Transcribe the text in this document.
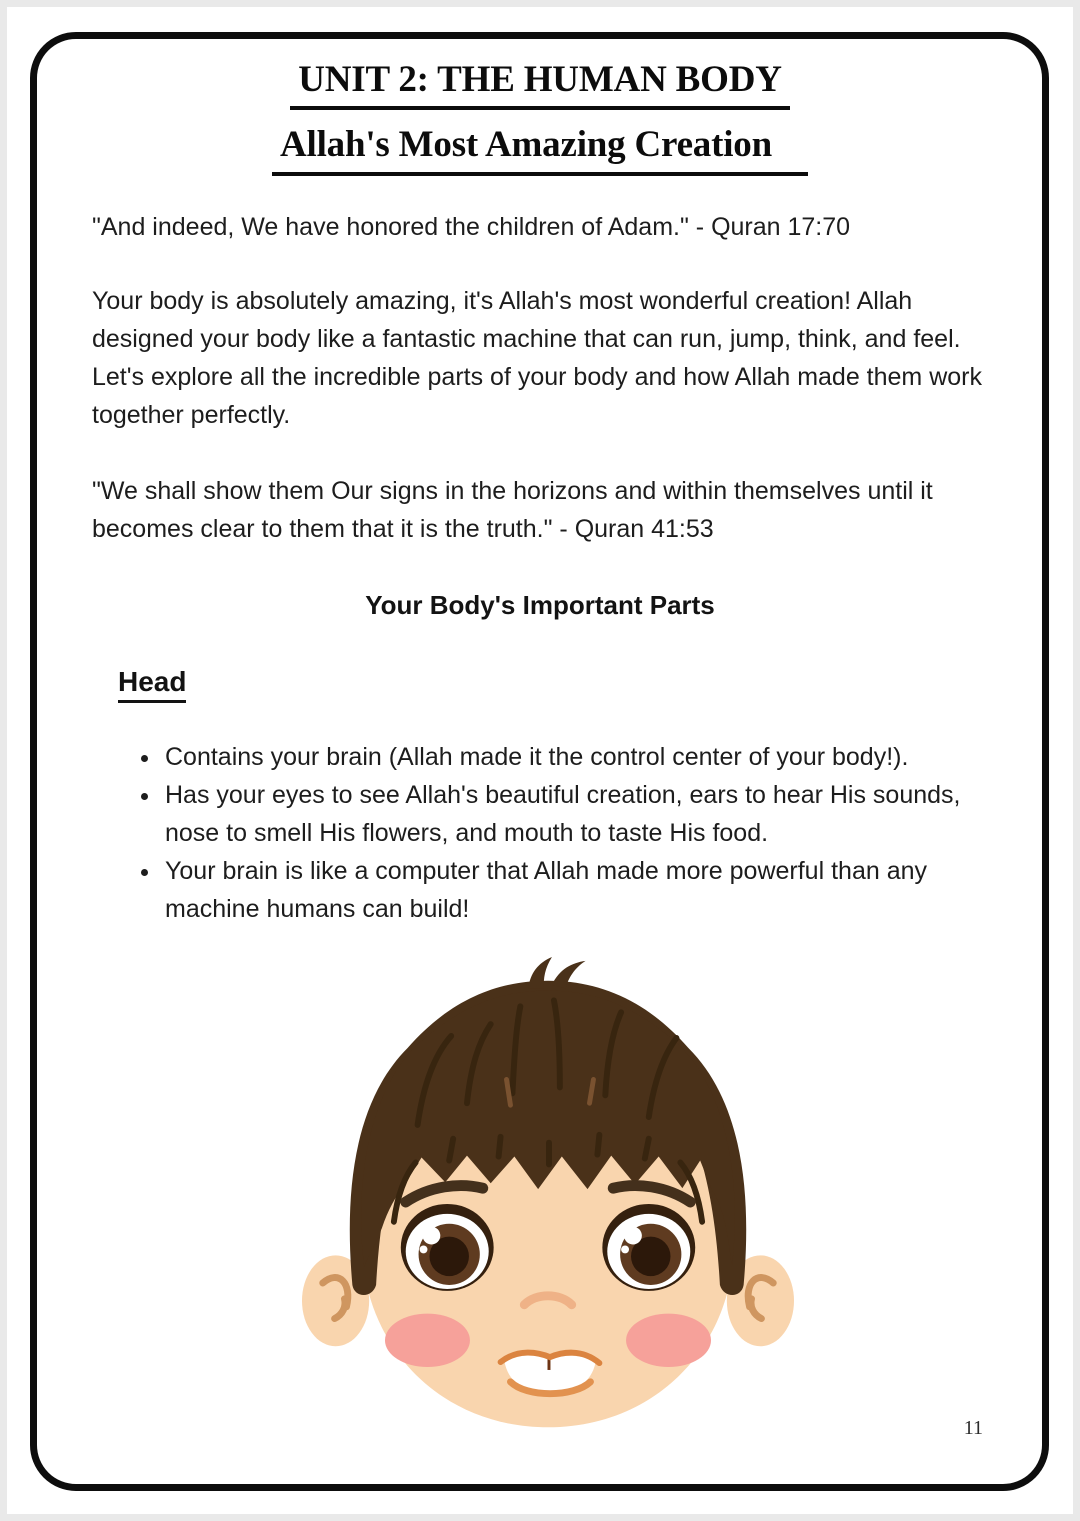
UNIT 2: THE HUMAN BODY
Allah's Most Amazing Creation

"And indeed, We have honored the children of Adam." - Quran 17:70

Your body is absolutely amazing, it's Allah's most wonderful creation! Allah designed your body like a fantastic machine that can run, jump, think, and feel. Let's explore all the incredible parts of your body and how Allah made them work together perfectly.

"We shall show them Our signs in the horizons and within themselves until it becomes clear to them that it is the truth." - Quran 41:53

Your Body's Important Parts
Head
• Contains your brain (Allah made it the control center of your body!).
• Has your eyes to see Allah's beautiful creation, ears to hear His sounds, nose to smell His flowers, and mouth to taste His food.
• Your brain is like a computer that Allah made more powerful than any machine humans can build!
11
